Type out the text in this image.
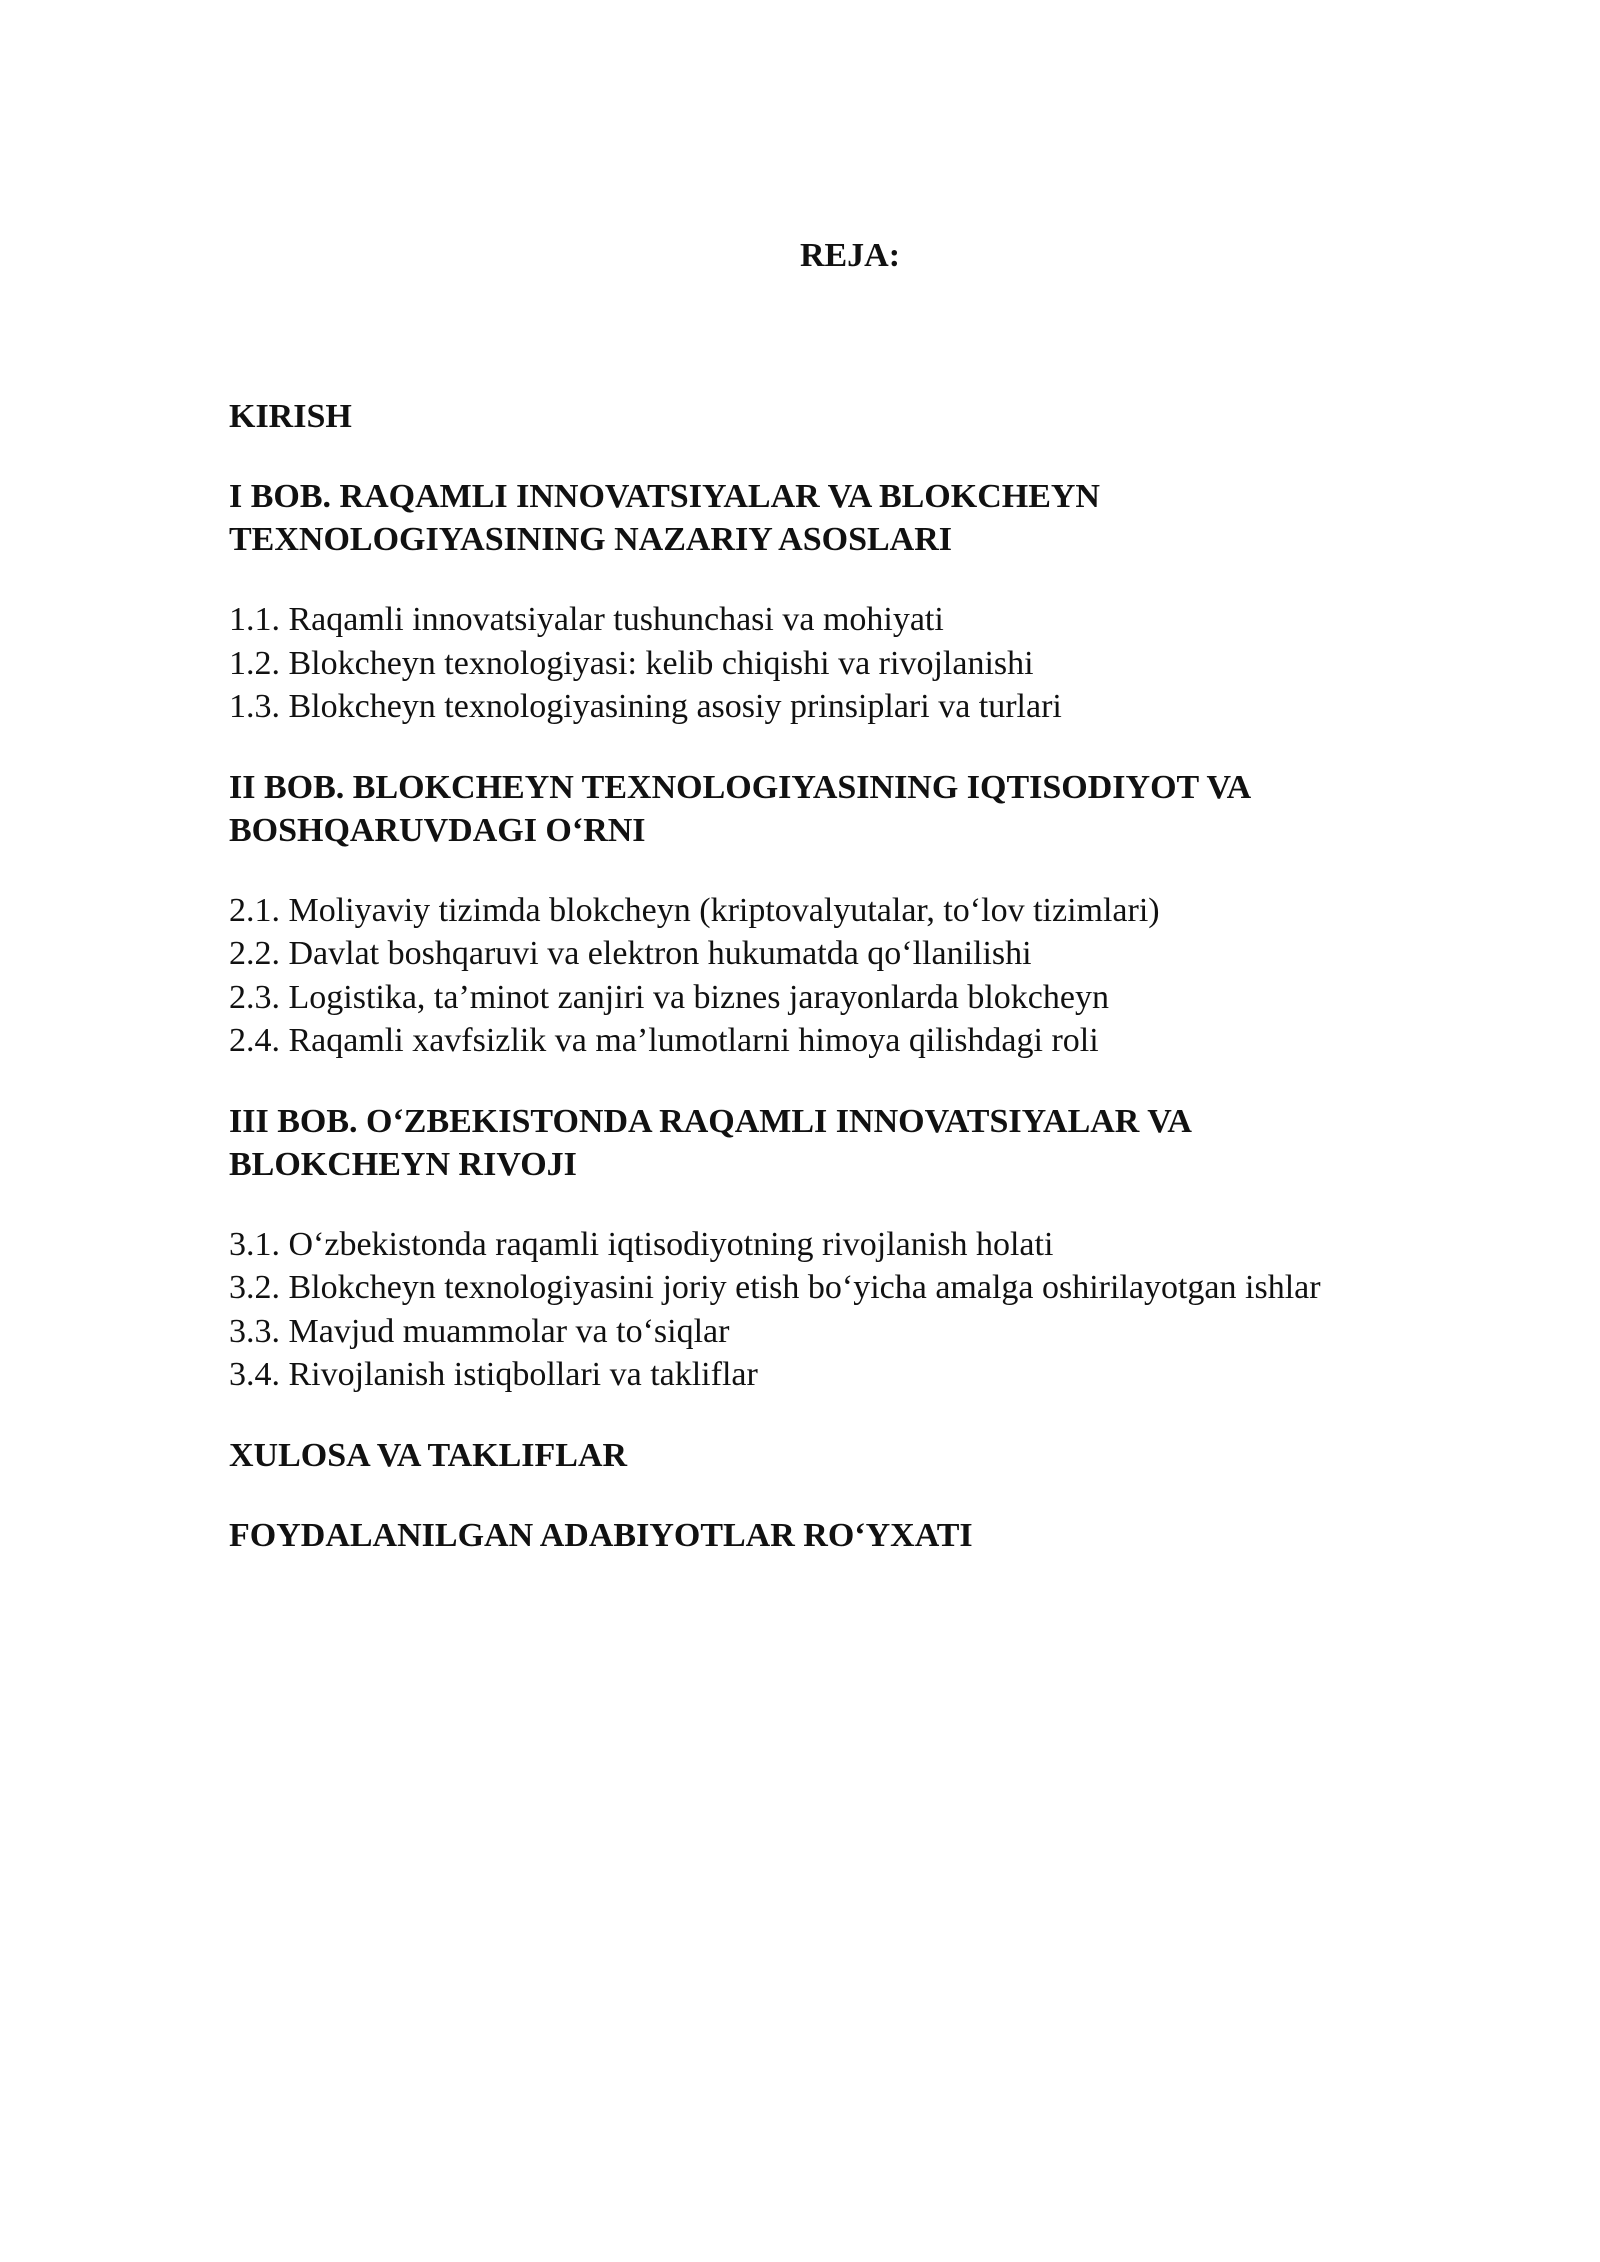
REJA:

KIRISH

I BOB. RAQAMLI INNOVATSIYALAR VA BLOKCHEYN
TEXNOLOGIYASINING NAZARIY ASOSLARI

1.1. Raqamli innovatsiyalar tushunchasi va mohiyati
1.2. Blokcheyn texnologiyasi: kelib chiqishi va rivojlanishi
1.3. Blokcheyn texnologiyasining asosiy prinsiplari va turlari

II BOB. BLOKCHEYN TEXNOLOGIYASINING IQTISODIYOT VA
BOSHQARUVDAGI O‘RNI

2.1. Moliyaviy tizimda blokcheyn (kriptovalyutalar, to‘lov tizimlari)
2.2. Davlat boshqaruvi va elektron hukumatda qo‘llanilishi
2.3. Logistika, ta’minot zanjiri va biznes jarayonlarda blokcheyn
2.4. Raqamli xavfsizlik va ma’lumotlarni himoya qilishdagi roli

III BOB. O‘ZBEKISTONDA RAQAMLI INNOVATSIYALAR VA
BLOKCHEYN RIVOJI

3.1. O‘zbekistonda raqamli iqtisodiyotning rivojlanish holati
3.2. Blokcheyn texnologiyasini joriy etish bo‘yicha amalga oshirilayotgan ishlar
3.3. Mavjud muammolar va to‘siqlar
3.4. Rivojlanish istiqbollari va takliflar

XULOSA VA TAKLIFLAR

FOYDALANILGAN ADABIYOTLAR RO‘YXATI
